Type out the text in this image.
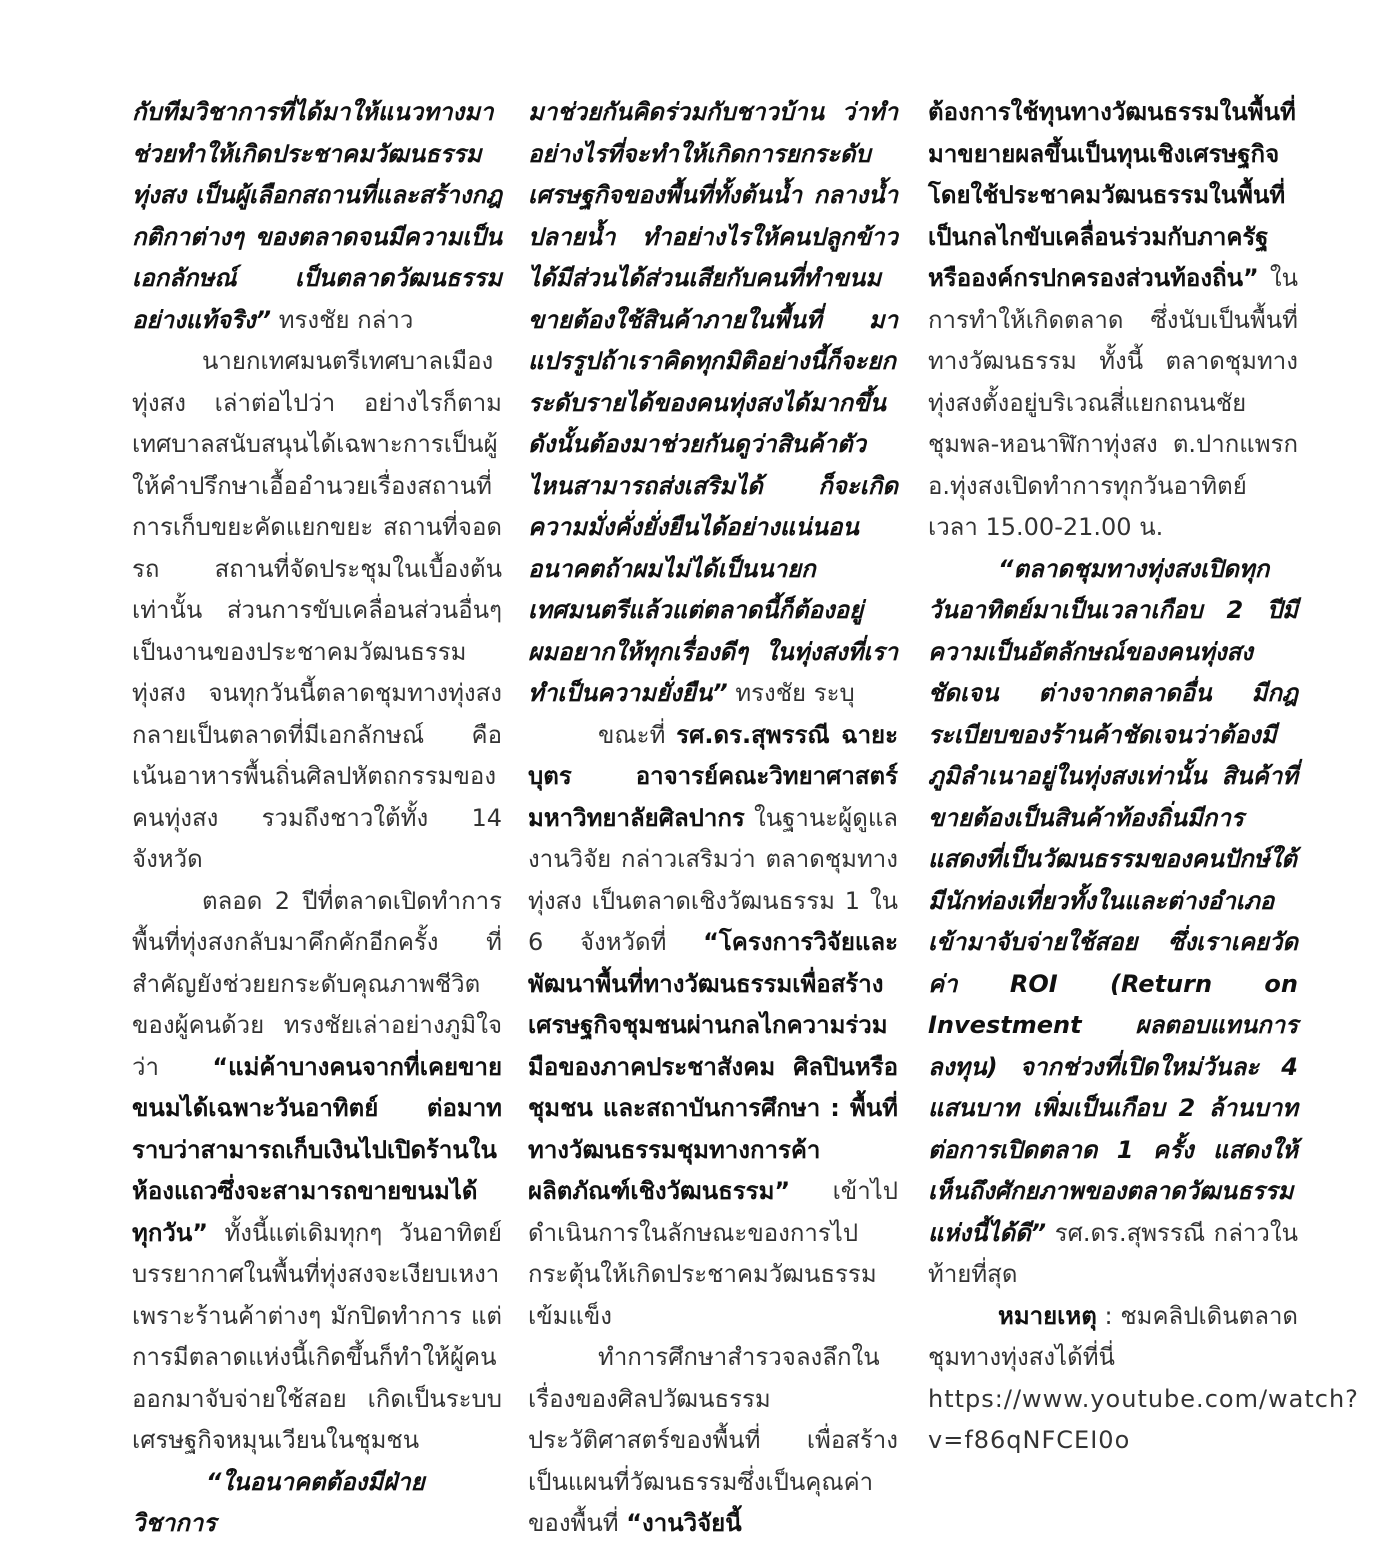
กับทีมวิชาการที่ได้มาให้แนวทางมาช่วยทำให้เกิดประชาคมวัฒนธรรมทุ่งสง เป็นผู้เลือกสถานที่และสร้างกฎกติกาต่างๆ ของตลาดจนมีความเป็นเอกลักษณ์ เป็นตลาดวัฒนธรรมอย่างแท้จริง” ทรงชัย กล่าว

นายกเทศมนตรีเทศบาลเมืองทุ่งสง เล่าต่อไปว่า อย่างไรก็ตาม เทศบาลสนับสนุนได้เฉพาะการเป็นผู้ให้คำปรึกษาเอื้ออำนวยเรื่องสถานที่ การเก็บขยะคัดแยกขยะ สถานที่จอดรถ สถานที่จัดประชุมในเบื้องต้นเท่านั้น ส่วนการขับเคลื่อนส่วนอื่นๆ เป็นงานของประชาคมวัฒนธรรมทุ่งสง จนทุกวันนี้ตลาดชุมทางทุ่งสงกลายเป็นตลาดที่มีเอกลักษณ์ คือเน้นอาหารพื้นถิ่นศิลปหัตถกรรมของคนทุ่งสง รวมถึงชาวใต้ทั้ง 14 จังหวัด

ตลอด 2 ปีที่ตลาดเปิดทำการพื้นที่ทุ่งสงกลับมาคึกคักอีกครั้ง ที่สำคัญยังช่วยยกระดับคุณภาพชีวิตของผู้คนด้วย ทรงชัยเล่าอย่างภูมิใจว่า “แม่ค้าบางคนจากที่เคยขายขนมได้เฉพาะวันอาทิตย์ ต่อมาทราบว่าสามารถเก็บเงินไปเปิดร้านในห้องแถวซึ่งจะสามารถขายขนมได้ทุกวัน” ทั้งนี้แต่เดิมทุกๆ วันอาทิตย์ บรรยากาศในพื้นที่ทุ่งสงจะเงียบเหงาเพราะร้านค้าต่างๆ มักปิดทำการ แต่การมีตลาดแห่งนี้เกิดขึ้นก็ทำให้ผู้คนออกมาจับจ่ายใช้สอย เกิดเป็นระบบเศรษฐกิจหมุนเวียนในชุมชน

“ในอนาคตต้องมีฝ่ายวิชาการ

มาช่วยกันคิดร่วมกับชาวบ้าน ว่าทำอย่างไรที่จะทำให้เกิดการยกระดับเศรษฐกิจของพื้นที่ทั้งต้นน้ำ กลางน้ำปลายน้ำ ทำอย่างไรให้คนปลูกข้าวได้มีส่วนได้ส่วนเสียกับคนที่ทำขนมขายต้องใช้สินค้าภายในพื้นที่ มาแปรรูปถ้าเราคิดทุกมิติอย่างนี้ก็จะยกระดับรายได้ของคนทุ่งสงได้มากขึ้น ดังนั้นต้องมาช่วยกันดูว่าสินค้าตัวไหนสามารถส่งเสริมได้ ก็จะเกิดความมั่งคั่งยั่งยืนได้อย่างแน่นอน อนาคตถ้าผมไม่ได้เป็นนายกเทศมนตรีแล้วแต่ตลาดนี้ก็ต้องอยู่ ผมอยากให้ทุกเรื่องดีๆ ในทุ่งสงที่เราทำเป็นความยั่งยืน” ทรงชัย ระบุ

ขณะที่ รศ.ดร.สุพรรณี ฉายะบุตร อาจารย์คณะวิทยาศาสตร์ มหาวิทยาลัยศิลปากร ในฐานะผู้ดูแลงานวิจัย กล่าวเสริมว่า ตลาดชุมทางทุ่งสง เป็นตลาดเชิงวัฒนธรรม 1 ใน 6 จังหวัดที่ “โครงการวิจัยและพัฒนาพื้นที่ทางวัฒนธรรมเพื่อสร้างเศรษฐกิจชุมชนผ่านกลไกความร่วมมือของภาคประชาสังคม ศิลปินหรือชุมชน และสถาบันการศึกษา : พื้นที่ทางวัฒนธรรมชุมทางการค้า ผลิตภัณฑ์เชิงวัฒนธรรม” เข้าไปดำเนินการในลักษณะของการไปกระตุ้นให้เกิดประชาคมวัฒนธรรมเข้มแข็ง

ทำการศึกษาสำรวจลงลึกในเรื่องของศิลปวัฒนธรรม ประวัติศาสตร์ของพื้นที่ เพื่อสร้างเป็นแผนที่วัฒนธรรมซึ่งเป็นคุณค่าของพื้นที่ “งานวิจัยนี้

ต้องการใช้ทุนทางวัฒนธรรมในพื้นที่มาขยายผลขึ้นเป็นทุนเชิงเศรษฐกิจ โดยใช้ประชาคมวัฒนธรรมในพื้นที่เป็นกลไกขับเคลื่อนร่วมกับภาครัฐหรือองค์กรปกครองส่วนท้องถิ่น” ในการทำให้เกิดตลาด ซึ่งนับเป็นพื้นที่ทางวัฒนธรรม ทั้งนี้ ตลาดชุมทางทุ่งสงตั้งอยู่บริเวณสี่แยกถนนชัยชุมพล-หอนาฬิกาทุ่งสง ต.ปากแพรก อ.ทุ่งสงเปิดทำการทุกวันอาทิตย์ เวลา 15.00-21.00 น.

“ตลาดชุมทางทุ่งสงเปิดทุกวันอาทิตย์มาเป็นเวลาเกือบ 2 ปีมีความเป็นอัตลักษณ์ของคนทุ่งสงชัดเจน ต่างจากตลาดอื่น มีกฎระเบียบของร้านค้าชัดเจนว่าต้องมีภูมิลำเนาอยู่ในทุ่งสงเท่านั้น สินค้าที่ขายต้องเป็นสินค้าท้องถิ่นมีการแสดงที่เป็นวัฒนธรรมของคนปักษ์ใต้ มีนักท่องเที่ยวทั้งในและต่างอำเภอเข้ามาจับจ่ายใช้สอย ซึ่งเราเคยวัดค่า ROI (Return on Investment ผลตอบแทนการลงทุน) จากช่วงที่เปิดใหม่วันละ 4 แสนบาท เพิ่มเป็นเกือบ 2 ล้านบาทต่อการเปิดตลาด 1 ครั้ง แสดงให้เห็นถึงศักยภาพของตลาดวัฒนธรรมแห่งนี้ได้ดี” รศ.ดร.สุพรรณี กล่าวในท้ายที่สุด

หมายเหตุ : ชมคลิปเดินตลาดชุมทางทุ่งสงได้ที่นี่ https://www.youtube.com/watch?v=f86qNFCEI0o
